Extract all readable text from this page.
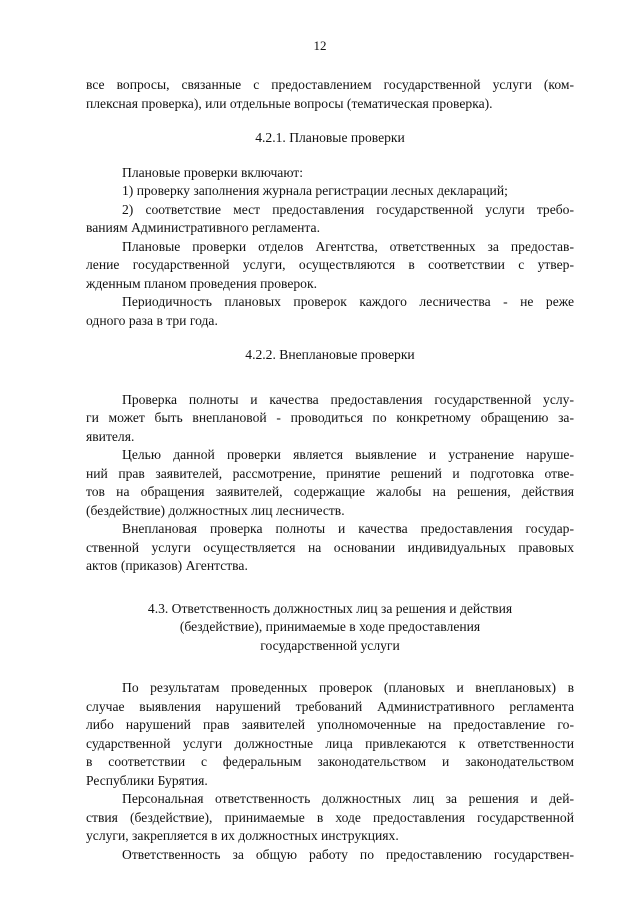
12

все вопросы, связанные с предоставлением государственной услуги (ком-

плексная проверка), или отдельные вопросы (тематическая проверка).

4.2.1. Плановые проверки

Плановые проверки включают:

1) проверку заполнения журнала регистрации лесных деклараций;

2) соответствие мест предоставления государственной услуги требо-

ваниям Административного регламента.

Плановые проверки отделов Агентства, ответственных за предостав-

ление государственной услуги, осуществляются в соответствии с утвер-

жденным планом проведения проверок.

Периодичность плановых проверок каждого лесничества - не реже

одного раза в три года.

4.2.2. Внеплановые проверки

Проверка полноты и качества предоставления государственной услу-

ги может быть внеплановой - проводиться по конкретному обращению за-

явителя.

Целью данной проверки является выявление и устранение наруше-

ний прав заявителей, рассмотрение, принятие решений и подготовка отве-

тов на обращения заявителей, содержащие жалобы на решения, действия

(бездействие) должностных лиц лесничеств.

Внеплановая проверка полноты и качества предоставления государ-

ственной услуги осуществляется на основании индивидуальных правовых

актов (приказов) Агентства.

4.3. Ответственность должностных лиц за решения и действия

(бездействие), принимаемые в ходе предоставления

государственной услуги

По результатам проведенных проверок (плановых и внеплановых) в

случае выявления нарушений требований Административного регламента

либо нарушений прав заявителей уполномоченные на предоставление го-

сударственной услуги должностные лица привлекаются к ответственности

в соответствии с федеральным законодательством и законодательством

Республики Бурятия.

Персональная ответственность должностных лиц за решения и дей-

ствия (бездействие), принимаемые в ходе предоставления государственной

услуги, закрепляется в их должностных инструкциях.

Ответственность за общую работу по предоставлению государствен-
